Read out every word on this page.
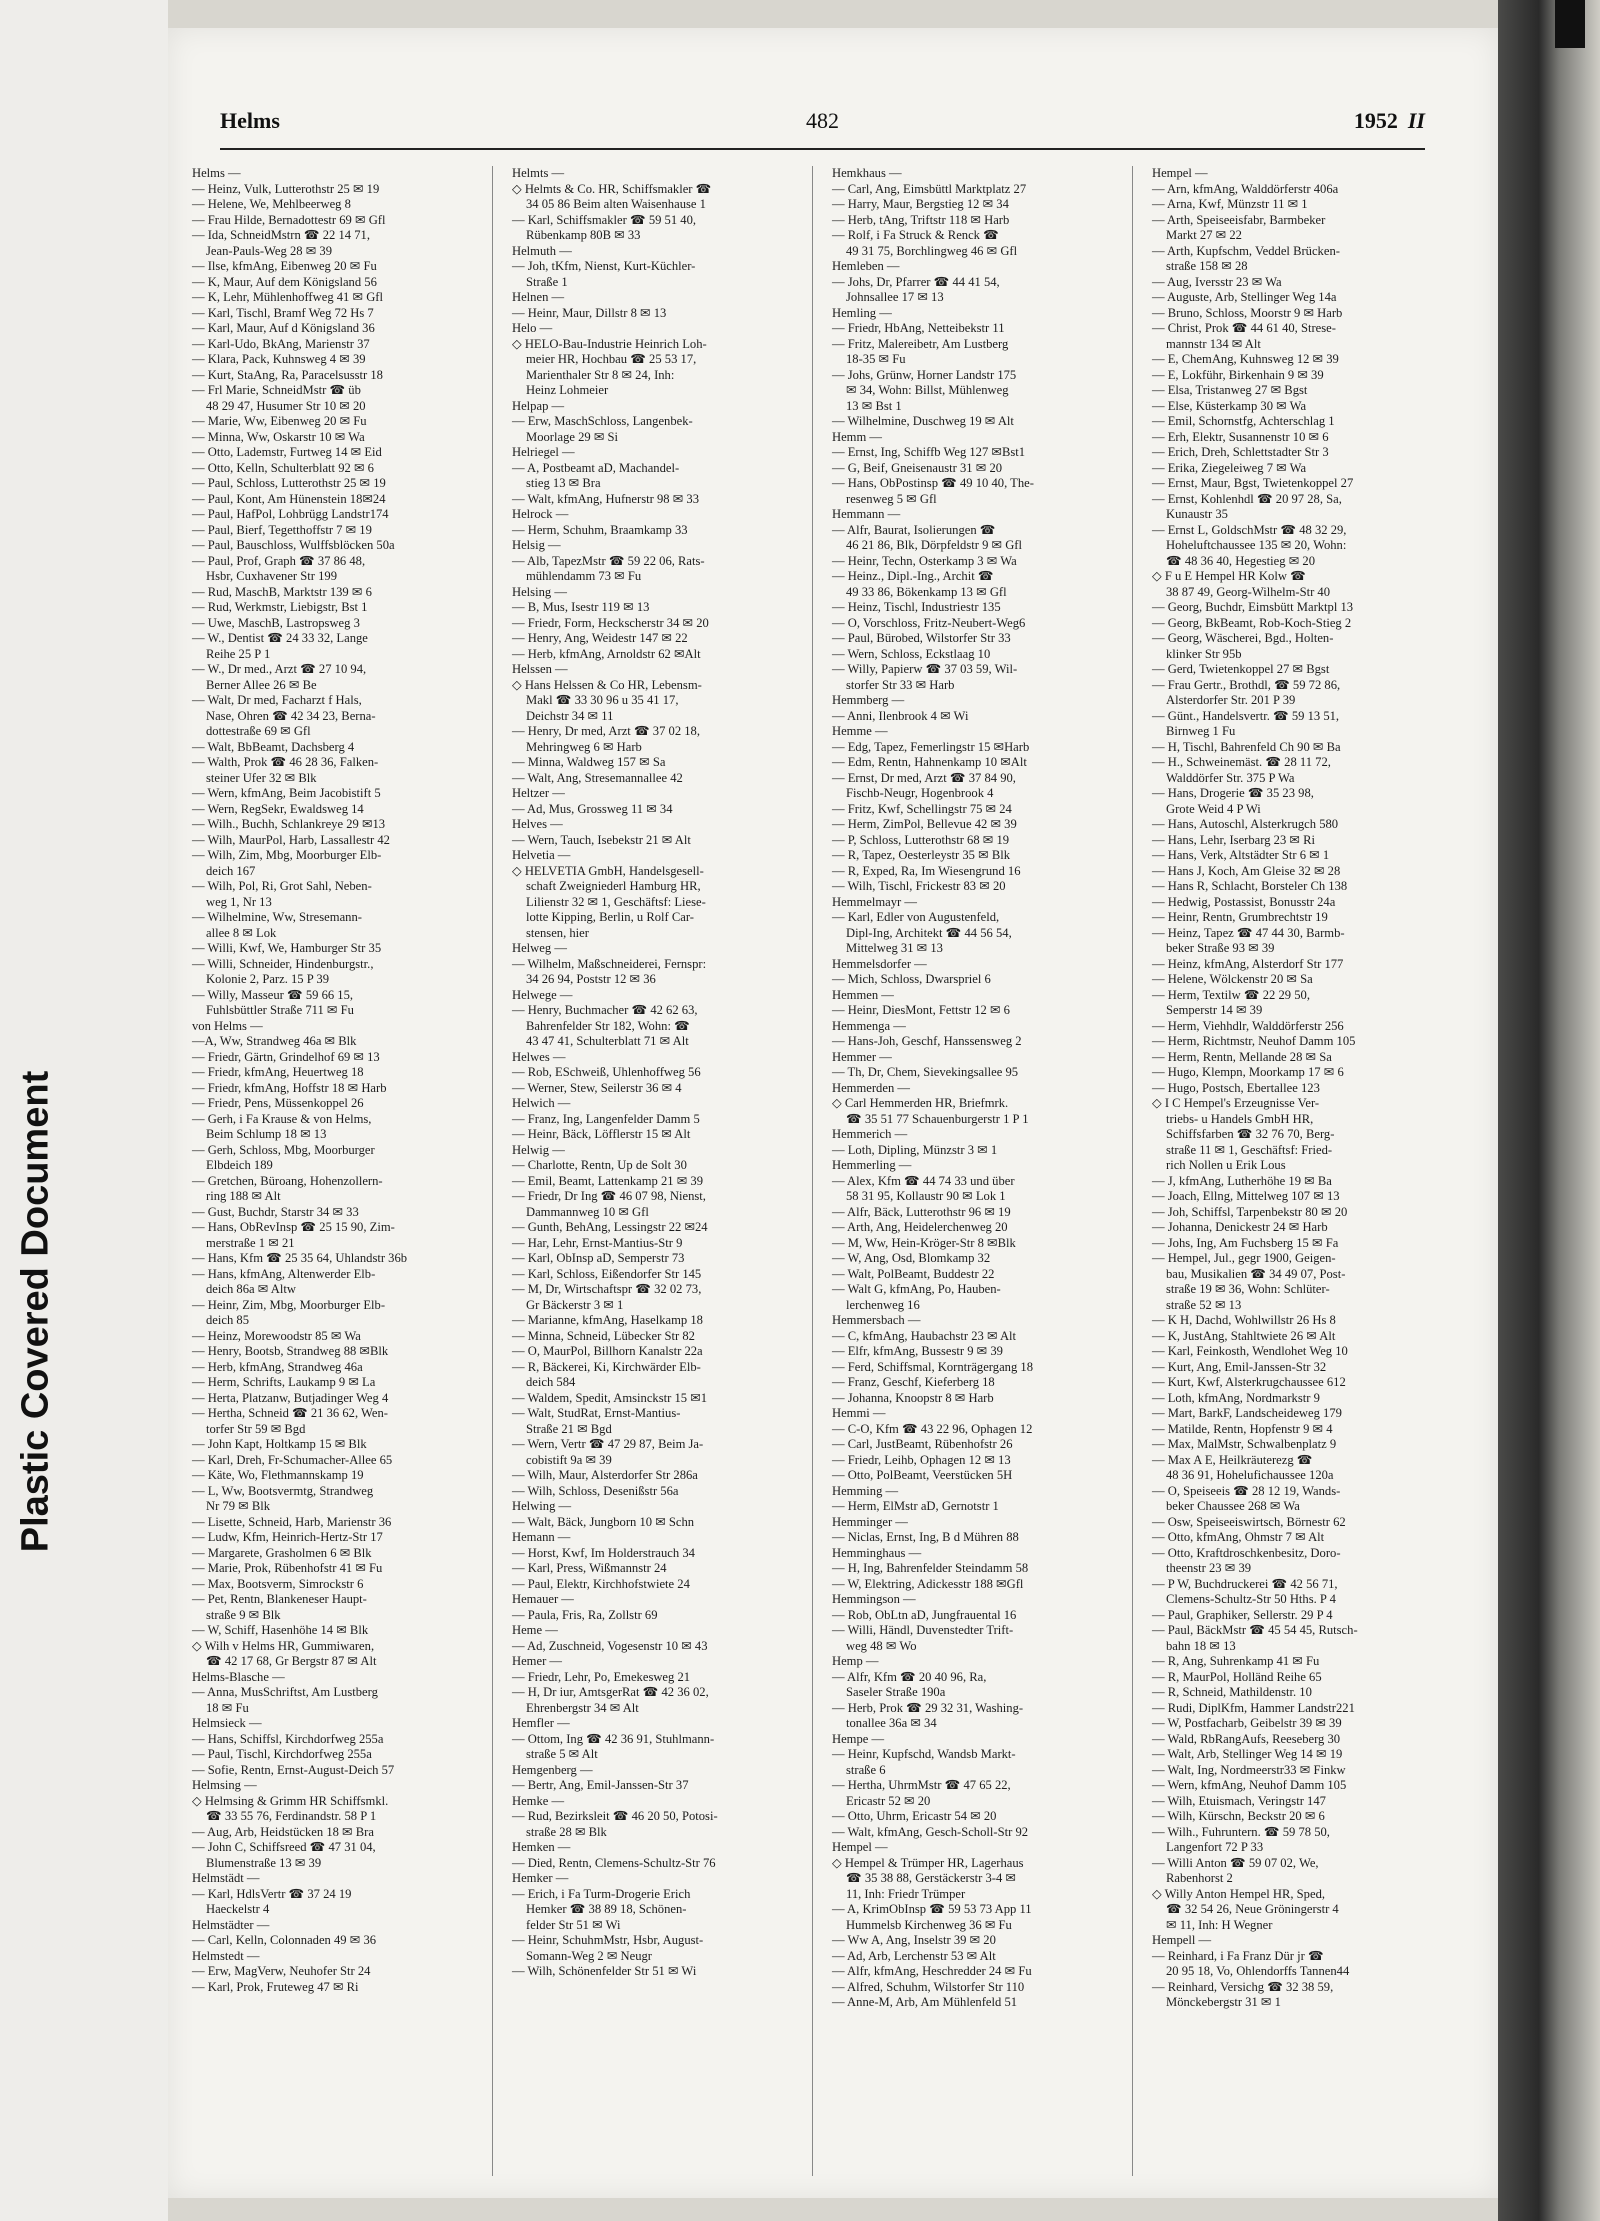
Plastic Covered Document
Helms	482	1952 II
Helms —
— Heinz, Vulk, Lutterothstr 25 ✉ 19
— Helene, We, Mehlbeerweg 8
— Frau Hilde, Bernadottestr 69 ✉ Gfl
— Ida, SchneidMstrn ☎ 22 14 71,
Jean-Pauls-Weg 28 ✉ 39
— Ilse, kfmAng, Eibenweg 20 ✉ Fu
— K, Maur, Auf dem Königsland 56
— K, Lehr, Mühlenhoffweg 41 ✉ Gfl
— Karl, Tischl, Bramf Weg 72 Hs 7
— Karl, Maur, Auf d Königsland 36
— Karl-Udo, BkAng, Marienstr 37
— Klara, Pack, Kuhnsweg 4 ✉ 39
— Kurt, StaAng, Ra, Paracelsusstr 18
— Frl Marie, SchneidMstr ☎ üb
48 29 47, Husumer Str 10 ✉ 20
— Marie, Ww, Eibenweg 20 ✉ Fu
— Minna, Ww, Oskarstr 10 ✉ Wa
— Otto, Lademstr, Furtweg 14 ✉ Eid
— Otto, Kelln, Schulterblatt 92 ✉ 6
— Paul, Schloss, Lutterothstr 25 ✉ 19
— Paul, Kont, Am Hünenstein 18✉24
— Paul, HafPol, Lohbrügg Landstr174
— Paul, Bierf, Tegetthoffstr 7 ✉ 19
— Paul, Bauschloss, Wulffsblöcken 50a
— Paul, Prof, Graph ☎ 37 86 48,
Hsbr, Cuxhavener Str 199
— Rud, MaschB, Marktstr 139 ✉ 6
— Rud, Werkmstr, Liebigstr, Bst 1
— Uwe, MaschB, Lastropsweg 3
— W., Dentist ☎ 24 33 32, Lange
Reihe 25 P 1
— W., Dr med., Arzt ☎ 27 10 94,
Berner Allee 26 ✉ Be
— Walt, Dr med, Facharzt f Hals,
Nase, Ohren ☎ 42 34 23, Berna-
dottestraße 69 ✉ Gfl
— Walt, BbBeamt, Dachsberg 4
— Walth, Prok ☎ 46 28 36, Falken-
steiner Ufer 32 ✉ Blk
— Wern, kfmAng, Beim Jacobistift 5
— Wern, RegSekr, Ewaldsweg 14
— Wilh., Buchh, Schlankreye 29 ✉13
— Wilh, MaurPol, Harb, Lassallestr 42
— Wilh, Zim, Mbg, Moorburger Elb-
deich 167
— Wilh, Pol, Ri, Grot Sahl, Neben-
weg 1, Nr 13
— Wilhelmine, Ww, Stresemann-
allee 8 ✉ Lok
— Willi, Kwf, We, Hamburger Str 35
— Willi, Schneider, Hindenburgstr.,
Kolonie 2, Parz. 15 P 39
— Willy, Masseur ☎ 59 66 15,
Fuhlsbüttler Straße 711 ✉ Fu
von Helms —
—A, Ww, Strandweg 46a ✉ Blk
— Friedr, Gärtn, Grindelhof 69 ✉ 13
— Friedr, kfmAng, Heuertweg 18
— Friedr, kfmAng, Hoffstr 18 ✉ Harb
— Friedr, Pens, Müssenkoppel 26
— Gerh, i Fa Krause & von Helms,
Beim Schlump 18 ✉ 13
— Gerh, Schloss, Mbg, Moorburger
Elbdeich 189
— Gretchen, Büroang, Hohenzollern-
ring 188 ✉ Alt
— Gust, Buchdr, Starstr 34 ✉ 33
— Hans, ObRevInsp ☎ 25 15 90, Zim-
merstraße 1 ✉ 21
— Hans, Kfm ☎ 25 35 64, Uhlandstr 36b
— Hans, kfmAng, Altenwerder Elb-
deich 86a ✉ Altw
— Heinr, Zim, Mbg, Moorburger Elb-
deich 85
— Heinz, Morewoodstr 85 ✉ Wa
— Henry, Bootsb, Strandweg 88 ✉Blk
— Herb, kfmAng, Strandweg 46a
— Herm, Schrifts, Laukamp 9 ✉ La
— Herta, Platzanw, Butjadinger Weg 4
— Hertha, Schneid ☎ 21 36 62, Wen-
torfer Str 59 ✉ Bgd
— John Kapt, Holtkamp 15 ✉ Blk
— Karl, Dreh, Fr-Schumacher-Allee 65
— Käte, Wo, Flethmannskamp 19
— L, Ww, Bootsvermtg, Strandweg
Nr 79 ✉ Blk
— Lisette, Schneid, Harb, Marienstr 36
— Ludw, Kfm, Heinrich-Hertz-Str 17
— Margarete, Grasholmen 6 ✉ Blk
— Marie, Prok, Rübenhofstr 41 ✉ Fu
— Max, Bootsverm, Simrockstr 6
— Pet, Rentn, Blankeneser Haupt-
straße 9 ✉ Blk
— W, Schiff, Hasenhöhe 14 ✉ Blk
◇ Wilh v Helms HR, Gummiwaren,
☎ 42 17 68, Gr Bergstr 87 ✉ Alt
Helms-Blasche —
— Anna, MusSchriftst, Am Lustberg
18 ✉ Fu
Helmsieck —
— Hans, Schiffsl, Kirchdorfweg 255a
— Paul, Tischl, Kirchdorfweg 255a
— Sofie, Rentn, Ernst-August-Deich 57
Helmsing —
◇ Helmsing & Grimm HR Schiffsmkl.
☎ 33 55 76, Ferdinandstr. 58 P 1
— Aug, Arb, Heidstücken 18 ✉ Bra
— John C, Schiffsreed ☎ 47 31 04,
Blumenstraße 13 ✉ 39
Helmstädt —
— Karl, HdlsVertr ☎ 37 24 19
Haeckelstr 4
Helmstädter —
— Carl, Kelln, Colonnaden 49 ✉ 36
Helmstedt —
— Erw, MagVerw, Neuhofer Str 24
— Karl, Prok, Fruteweg 47 ✉ Ri
Helmts —
◇ Helmts & Co. HR, Schiffsmakler ☎
34 05 86 Beim alten Waisenhause 1
— Karl, Schiffsmakler ☎ 59 51 40,
Rübenkamp 80B ✉ 33
Helmuth —
— Joh, tKfm, Nienst, Kurt-Küchler-
Straße 1
Helnen —
— Heinr, Maur, Dillstr 8 ✉ 13
Helo —
◇ HELO-Bau-Industrie Heinrich Loh-
meier HR, Hochbau ☎ 25 53 17,
Marienthaler Str 8 ✉ 24, Inh:
Heinz Lohmeier
Helpap —
— Erw, MaschSchloss, Langenbek-
Moorlage 29 ✉ Si
Helriegel —
— A, Postbeamt aD, Machandel-
stieg 13 ✉ Bra
— Walt, kfmAng, Hufnerstr 98 ✉ 33
Helrock —
— Herm, Schuhm, Braamkamp 33
Helsig —
— Alb, TapezMstr ☎ 59 22 06, Rats-
mühlendamm 73 ✉ Fu
Helsing —
— B, Mus, Isestr 119 ✉ 13
— Friedr, Form, Heckscherstr 34 ✉ 20
— Henry, Ang, Weidestr 147 ✉ 22
— Herb, kfmAng, Arnoldstr 62 ✉Alt
Helssen —
◇ Hans Helssen & Co HR, Lebensm-
Makl ☎ 33 30 96 u 35 41 17,
Deichstr 34 ✉ 11
— Henry, Dr med, Arzt ☎ 37 02 18,
Mehringweg 6 ✉ Harb
— Minna, Waldweg 157 ✉ Sa
— Walt, Ang, Stresemannallee 42
Heltzer —
— Ad, Mus, Grossweg 11 ✉ 34
Helves —
— Wern, Tauch, Isebekstr 21 ✉ Alt
Helvetia —
◇ HELVETIA GmbH, Handelsgesell-
schaft Zweigniederl Hamburg HR,
Lilienstr 32 ✉ 1, Geschäftsf: Liese-
lotte Kipping, Berlin, u Rolf Car-
stensen, hier
Helweg —
— Wilhelm, Maßschneiderei, Fernspr:
34 26 94, Poststr 12 ✉ 36
Helwege —
— Henry, Buchmacher ☎ 42 62 63,
Bahrenfelder Str 182, Wohn: ☎
43 47 41, Schulterblatt 71 ✉ Alt
Helwes —
— Rob, ESchweiß, Uhlenhoffweg 56
— Werner, Stew, Seilerstr 36 ✉ 4
Helwich —
— Franz, Ing, Langenfelder Damm 5
— Heinr, Bäck, Löfflerstr 15 ✉ Alt
Helwig —
— Charlotte, Rentn, Up de Solt 30
— Emil, Beamt, Lattenkamp 21 ✉ 39
— Friedr, Dr Ing ☎ 46 07 98, Nienst,
Dammannweg 10 ✉ Gfl
— Gunth, BehAng, Lessingstr 22 ✉24
— Har, Lehr, Ernst-Mantius-Str 9
— Karl, ObInsp aD, Semperstr 73
— Karl, Schloss, Eißendorfer Str 145
— M, Dr, Wirtschaftspr ☎ 32 02 73,
Gr Bäckerstr 3 ✉ 1
— Marianne, kfmAng, Haselkamp 18
— Minna, Schneid, Lübecker Str 82
— O, MaurPol, Billhorn Kanalstr 22a
— R, Bäckerei, Ki, Kirchwärder Elb-
deich 584
— Waldem, Spedit, Amsinckstr 15 ✉1
— Walt, StudRat, Ernst-Mantius-
Straße 21 ✉ Bgd
— Wern, Vertr ☎ 47 29 87, Beim Ja-
cobistift 9a ✉ 39
— Wilh, Maur, Alsterdorfer Str 286a
— Wilh, Schloss, Desenißstr 56a
Helwing —
— Walt, Bäck, Jungborn 10 ✉ Schn
Hemann —
— Horst, Kwf, Im Holderstrauch 34
— Karl, Press, Wißmannstr 24
— Paul, Elektr, Kirchhofstwiete 24
Hemauer —
— Paula, Fris, Ra, Zollstr 69
Heme —
— Ad, Zuschneid, Vogesenstr 10 ✉ 43
Hemer —
— Friedr, Lehr, Po, Emekesweg 21
— H, Dr iur, AmtsgerRat ☎ 42 36 02,
Ehrenbergstr 34 ✉ Alt
Hemfler —
— Ottom, Ing ☎ 42 36 91, Stuhlmann-
straße 5 ✉ Alt
Hemgenberg —
— Bertr, Ang, Emil-Janssen-Str 37
Hemke —
— Rud, Bezirksleit ☎ 46 20 50, Potosi-
straße 28 ✉ Blk
Hemken —
— Died, Rentn, Clemens-Schultz-Str 76
Hemker —
— Erich, i Fa Turm-Drogerie Erich
Hemker ☎ 38 89 18, Schönen-
felder Str 51 ✉ Wi
— Heinr, SchuhmMstr, Hsbr, August-
Somann-Weg 2 ✉ Neugr
— Wilh, Schönenfelder Str 51 ✉ Wi
Hemkhaus —
— Carl, Ang, Eimsbüttl Marktplatz 27
— Harry, Maur, Bergstieg 12 ✉ 34
— Herb, tAng, Triftstr 118 ✉ Harb
— Rolf, i Fa Struck & Renck ☎
49 31 75, Borchlingweg 46 ✉ Gfl
Hemleben —
— Johs, Dr, Pfarrer ☎ 44 41 54,
Johnsallee 17 ✉ 13
Hemling —
— Friedr, HbAng, Netteibekstr 11
— Fritz, Malereibetr, Am Lustberg
18-35 ✉ Fu
— Johs, Grünw, Horner Landstr 175
✉ 34, Wohn: Billst, Mühlenweg
13 ✉ Bst 1
— Wilhelmine, Duschweg 19 ✉ Alt
Hemm —
— Ernst, Ing, Schiffb Weg 127 ✉Bst1
— G, Beif, Gneisenaustr 31 ✉ 20
— Hans, ObPostinsp ☎ 49 10 40, The-
resenweg 5 ✉ Gfl
Hemmann —
— Alfr, Baurat, Isolierungen ☎
46 21 86, Blk, Dörpfeldstr 9 ✉ Gfl
— Heinr, Techn, Osterkamp 3 ✉ Wa
— Heinz., Dipl.-Ing., Archit ☎
49 33 86, Bökenkamp 13 ✉ Gfl
— Heinz, Tischl, Industriestr 135
— O, Vorschloss, Fritz-Neubert-Weg6
— Paul, Bürobed, Wilstorfer Str 33
— Wern, Schloss, Eckstlaag 10
— Willy, Papierw ☎ 37 03 59, Wil-
storfer Str 33 ✉ Harb
Hemmberg —
— Anni, Ilenbrook 4 ✉ Wi
Hemme —
— Edg, Tapez, Femerlingstr 15 ✉Harb
— Edm, Rentn, Hahnenkamp 10 ✉Alt
— Ernst, Dr med, Arzt ☎ 37 84 90,
Fischb-Neugr, Hogenbrook 4
— Fritz, Kwf, Schellingstr 75 ✉ 24
— Herm, ZimPol, Bellevue 42 ✉ 39
— P, Schloss, Lutterothstr 68 ✉ 19
— R, Tapez, Oesterleystr 35 ✉ Blk
— R, Exped, Ra, Im Wiesengrund 16
— Wilh, Tischl, Frickestr 83 ✉ 20
Hemmelmayr —
— Karl, Edler von Augustenfeld,
Dipl-Ing, Architekt ☎ 44 56 54,
Mittelweg 31 ✉ 13
Hemmelsdorfer —
— Mich, Schloss, Dwarspriel 6
Hemmen —
— Heinr, DiesMont, Fettstr 12 ✉ 6
Hemmenga —
— Hans-Joh, Geschf, Hanssensweg 2
Hemmer —
— Th, Dr, Chem, Sievekingsallee 95
Hemmerden —
◇ Carl Hemmerden HR, Briefmrk.
☎ 35 51 77 Schauenburgerstr 1 P 1
Hemmerich —
— Loth, Dipling, Münzstr 3 ✉ 1
Hemmerling —
— Alex, Kfm ☎ 44 74 33 und über
58 31 95, Kollaustr 90 ✉ Lok 1
— Alfr, Bäck, Lutterothstr 96 ✉ 19
— Arth, Ang, Heidelerchenweg 20
— M, Ww, Hein-Kröger-Str 8 ✉Blk
— W, Ang, Osd, Blomkamp 32
— Walt, PolBeamt, Buddestr 22
— Walt G, kfmAng, Po, Hauben-
lerchenweg 16
Hemmersbach —
— C, kfmAng, Haubachstr 23 ✉ Alt
— Elfr, kfmAng, Bussestr 9 ✉ 39
— Ferd, Schiffsmal, Kornträgergang 18
— Franz, Geschf, Kieferberg 18
— Johanna, Knoopstr 8 ✉ Harb
Hemmi —
— C-O, Kfm ☎ 43 22 96, Ophagen 12
— Carl, JustBeamt, Rübenhofstr 26
— Friedr, Leihb, Ophagen 12 ✉ 13
— Otto, PolBeamt, Veerstücken 5H
Hemming —
— Herm, ElMstr aD, Gernotstr 1
Hemminger —
— Niclas, Ernst, Ing, B d Mühren 88
Hemminghaus —
— H, Ing, Bahrenfelder Steindamm 58
— W, Elektring, Adickesstr 188 ✉Gfl
Hemmingson —
— Rob, ObLtn aD, Jungfrauental 16
— Willi, Händl, Duvenstedter Trift-
weg 48 ✉ Wo
Hemp —
— Alfr, Kfm ☎ 20 40 96, Ra,
Saseler Straße 190a
— Herb, Prok ☎ 29 32 31, Washing-
tonallee 36a ✉ 34
Hempe —
— Heinr, Kupfschd, Wandsb Markt-
straße 6
— Hertha, UhrmMstr ☎ 47 65 22,
Ericastr 52 ✉ 20
— Otto, Uhrm, Ericastr 54 ✉ 20
— Walt, kfmAng, Gesch-Scholl-Str 92
Hempel —
◇ Hempel & Trümper HR, Lagerhaus
☎ 35 38 88, Gerstäckerstr 3-4 ✉
11, Inh: Friedr Trümper
— A, KrimObInsp ☎ 59 53 73 App 11
Hummelsb Kirchenweg 36 ✉ Fu
— Ww A, Ang, Inselstr 39 ✉ 20
— Ad, Arb, Lerchenstr 53 ✉ Alt
— Alfr, kfmAng, Heschredder 24 ✉ Fu
— Alfred, Schuhm, Wilstorfer Str 110
— Anne-M, Arb, Am Mühlenfeld 51
Hempel —
— Arn, kfmAng, Walddörferstr 406a
— Arna, Kwf, Münzstr 11 ✉ 1
— Arth, Speiseeisfabr, Barmbeker
Markt 27 ✉ 22
— Arth, Kupfschm, Veddel Brücken-
straße 158 ✉ 28
— Aug, Iversstr 23 ✉ Wa
— Auguste, Arb, Stellinger Weg 14a
— Bruno, Schloss, Moorstr 9 ✉ Harb
— Christ, Prok ☎ 44 61 40, Strese-
mannstr 134 ✉ Alt
— E, ChemAng, Kuhnsweg 12 ✉ 39
— E, Lokführ, Birkenhain 9 ✉ 39
— Elsa, Tristanweg 27 ✉ Bgst
— Else, Küsterkamp 30 ✉ Wa
— Emil, Schornstfg, Achterschlag 1
— Erh, Elektr, Susannenstr 10 ✉ 6
— Erich, Dreh, Schlettstadter Str 3
— Erika, Ziegeleiweg 7 ✉ Wa
— Ernst, Maur, Bgst, Twietenkoppel 27
— Ernst, Kohlenhdl ☎ 20 97 28, Sa,
Kunaustr 35
— Ernst L, GoldschMstr ☎ 48 32 29,
Hoheluftchaussee 135 ✉ 20, Wohn:
☎ 48 36 40, Hegestieg ✉ 20
◇ F u E Hempel HR Kolw ☎
38 87 49, Georg-Wilhelm-Str 40
— Georg, Buchdr, Eimsbütt Marktpl 13
— Georg, BkBeamt, Rob-Koch-Stieg 2
— Georg, Wäscherei, Bgd., Holten-
klinker Str 95b
— Gerd, Twietenkoppel 27 ✉ Bgst
— Frau Gertr., Brothdl, ☎ 59 72 86,
Alsterdorfer Str. 201 P 39
— Günt., Handelsvertr. ☎ 59 13 51,
Birnweg 1 Fu
— H, Tischl, Bahrenfeld Ch 90 ✉ Ba
— H., Schweinemäst. ☎ 28 11 72,
Walddörfer Str. 375 P Wa
— Hans, Drogerie ☎ 35 23 98,
Grote Weid 4 P Wi
— Hans, Autoschl, Alsterkrugch 580
— Hans, Lehr, Iserbarg 23 ✉ Ri
— Hans, Verk, Altstädter Str 6 ✉ 1
— Hans J, Koch, Am Gleise 32 ✉ 28
— Hans R, Schlacht, Borsteler Ch 138
— Hedwig, Postassist, Bonusstr 24a
— Heinr, Rentn, Grumbrechtstr 19
— Heinz, Tapez ☎ 47 44 30, Barmb-
beker Straße 93 ✉ 39
— Heinz, kfmAng, Alsterdorf Str 177
— Helene, Wölckenstr 20 ✉ Sa
— Herm, Textilw ☎ 22 29 50,
Semperstr 14 ✉ 39
— Herm, Viehhdlr, Walddörferstr 256
— Herm, Richtmstr, Neuhof Damm 105
— Herm, Rentn, Mellande 28 ✉ Sa
— Hugo, Klempn, Moorkamp 17 ✉ 6
— Hugo, Postsch, Ebertallee 123
◇ I C Hempel's Erzeugnisse Ver-
triebs- u Handels GmbH HR,
Schiffsfarben ☎ 32 76 70, Berg-
straße 11 ✉ 1, Geschäftsf: Fried-
rich Nollen u Erik Lous
— J, kfmAng, Lutherhöhe 19 ✉ Ba
— Joach, Ellng, Mittelweg 107 ✉ 13
— Joh, Schiffsl, Tarpenbekstr 80 ✉ 20
— Johanna, Denickestr 24 ✉ Harb
— Johs, Ing, Am Fuchsberg 15 ✉ Fa
— Hempel, Jul., gegr 1900, Geigen-
bau, Musikalien ☎ 34 49 07, Post-
straße 19 ✉ 36, Wohn: Schlüter-
straße 52 ✉ 13
— K H, Dachd, Wohlwillstr 26 Hs 8
— K, JustAng, Stahltwiete 26 ✉ Alt
— Karl, Feinkosth, Wendlohet Weg 10
— Kurt, Ang, Emil-Janssen-Str 32
— Kurt, Kwf, Alsterkrugchaussee 612
— Loth, kfmAng, Nordmarkstr 9
— Mart, BarkF, Landscheideweg 179
— Matilde, Rentn, Hopfenstr 9 ✉ 4
— Max, MalMstr, Schwalbenplatz 9
— Max A E, Heilkräuterezg ☎
48 36 91, Hohelufichaussee 120a
— O, Speiseeis ☎ 28 12 19, Wands-
beker Chaussee 268 ✉ Wa
— Osw, Speiseeiswirtsch, Börnestr 62
— Otto, kfmAng, Ohmstr 7 ✉ Alt
— Otto, Kraftdroschkenbesitz, Doro-
theenstr 23 ✉ 39
— P W, Buchdruckerei ☎ 42 56 71,
Clemens-Schultz-Str 50 Hths. P 4
— Paul, Graphiker, Sellerstr. 29 P 4
— Paul, BäckMstr ☎ 45 54 45, Rutsch-
bahn 18 ✉ 13
— R, Ang, Suhrenkamp 41 ✉ Fu
— R, MaurPol, Holländ Reihe 65
— R, Schneid, Mathildenstr. 10
— Rudi, DiplKfm, Hammer Landstr221
— W, Postfacharb, Geibelstr 39 ✉ 39
— Wald, RbRangAufs, Reeseberg 30
— Walt, Arb, Stellinger Weg 14 ✉ 19
— Walt, Ing, Nordmeerstr33 ✉ Finkw
— Wern, kfmAng, Neuhof Damm 105
— Wilh, Etuismach, Veringstr 147
— Wilh, Kürschn, Beckstr 20 ✉ 6
— Wilh., Fuhruntern. ☎ 59 78 50,
Langenfort 72 P 33
— Willi Anton ☎ 59 07 02, We,
Rabenhorst 2
◇ Willy Anton Hempel HR, Sped,
☎ 32 54 26, Neue Gröningerstr 4
✉ 11, Inh: H Wegner
Hempell —
— Reinhard, i Fa Franz Dür jr ☎
20 95 18, Vo, Ohlendorffs Tannen44
— Reinhard, Versichg ☎ 32 38 59,
Mönckebergstr 31 ✉ 1
